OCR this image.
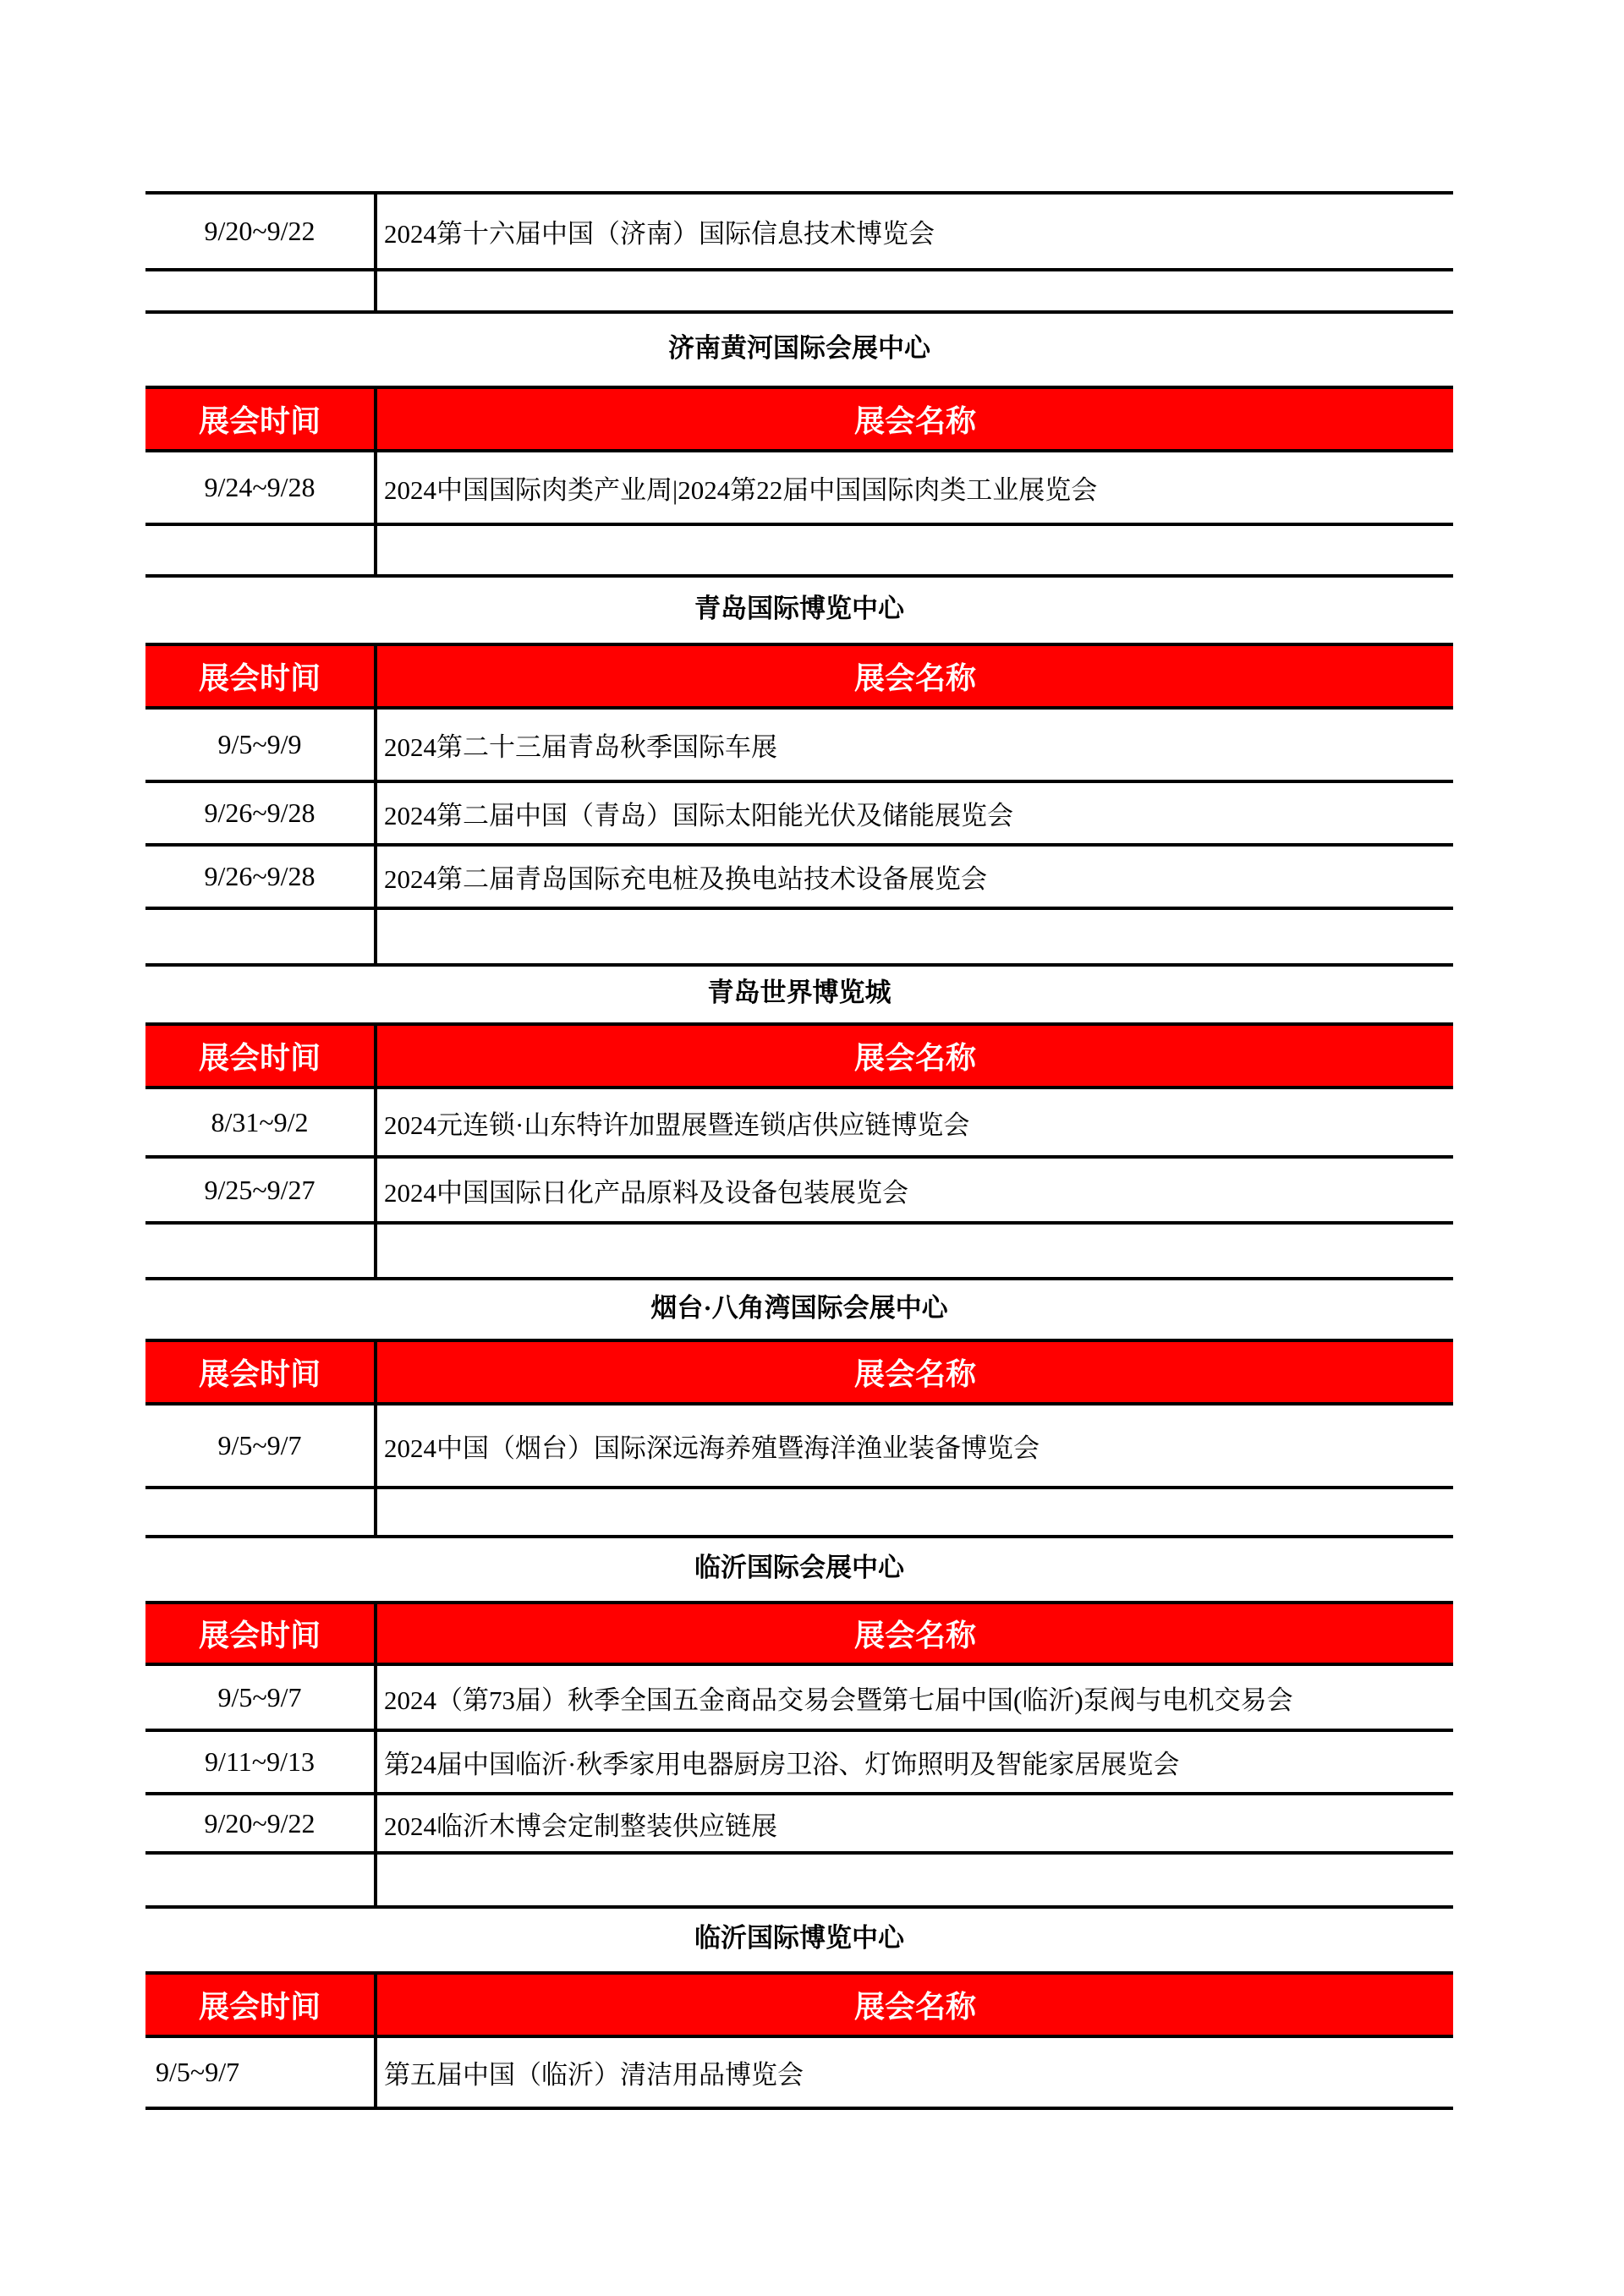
9/20~9/22	2024第十六届中国（济南）国际信息技术博览会
济南黄河国际会展中心
展会时间	展会名称
9/24~9/28	2024中国国际肉类产业周|2024第22届中国国际肉类工业展览会
青岛国际博览中心
展会时间	展会名称
9/5~9/9	2024第二十三届青岛秋季国际车展
9/26~9/28	2024第二届中国（青岛）国际太阳能光伏及储能展览会
9/26~9/28	2024第二届青岛国际充电桩及换电站技术设备展览会
青岛世界博览城
展会时间	展会名称
8/31~9/2	2024元连锁·山东特许加盟展暨连锁店供应链博览会
9/25~9/27	2024中国国际日化产品原料及设备包装展览会
烟台·八角湾国际会展中心
展会时间	展会名称
9/5~9/7	2024中国（烟台）国际深远海养殖暨海洋渔业装备博览会
临沂国际会展中心
展会时间	展会名称
9/5~9/7	2024（第73届）秋季全国五金商品交易会暨第七届中国(临沂)泵阀与电机交易会
9/11~9/13	第24届中国临沂·秋季家用电器厨房卫浴、灯饰照明及智能家居展览会
9/20~9/22	2024临沂木博会定制整装供应链展
临沂国际博览中心
展会时间	展会名称
9/5~9/7	第五届中国（临沂）清洁用品博览会
